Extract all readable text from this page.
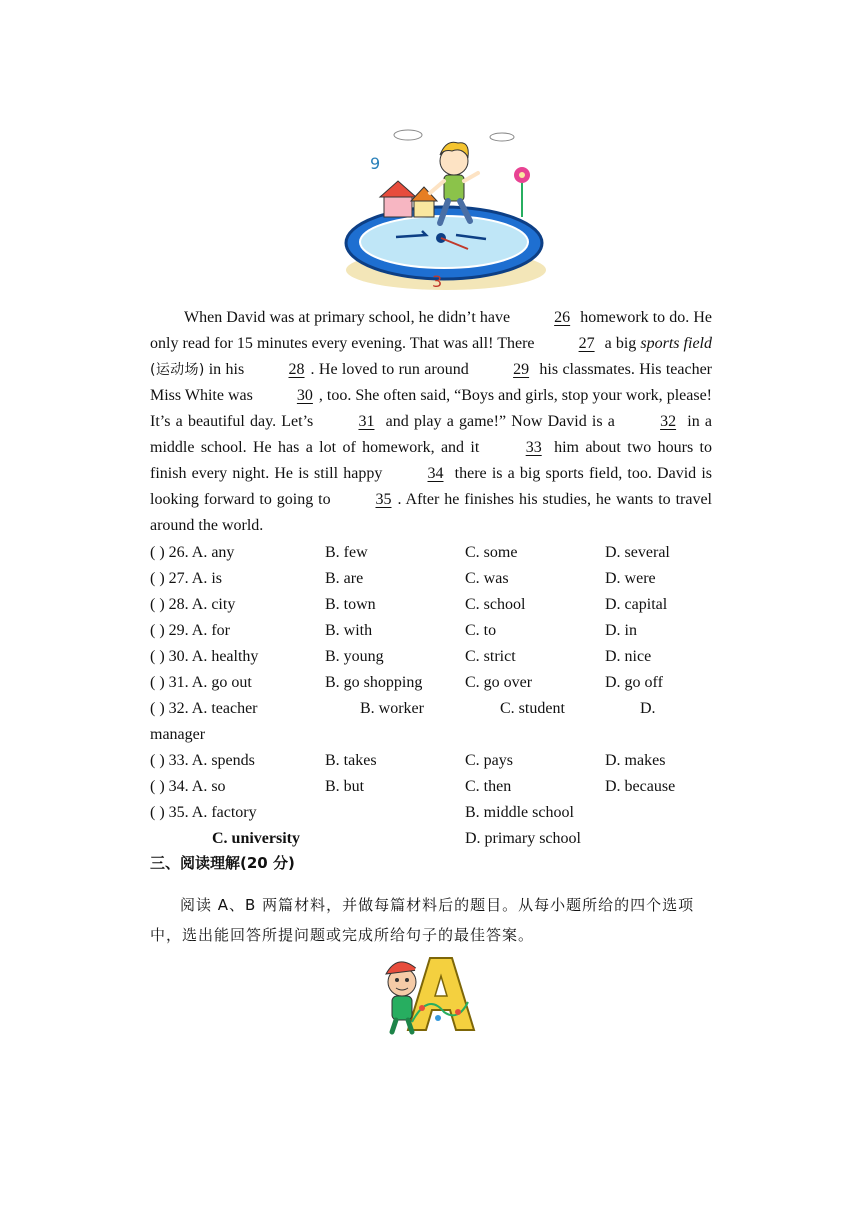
9
3

When David was at primary school, he didn’t have	26 homework to do. He only read for 15 minutes every evening. That was all! There	27 a big sports field (运动场) in his	28 . He loved to run around	29 his classmates. His teacher Miss White was	30 , too. She often said, “Boys and girls, stop your work, please! It’s a beautiful day. Let’s	31 and play a game!” Now David is a	32 in a middle school. He has a lot of homework, and it	33 him about two hours to finish every night. He is still happy	34 there is a big sports field, too. David is looking forward to going to	35 . After he finishes his studies, he wants to travel around the world.

( ) 26. A. any	B. few	C. some	D. several
( ) 27. A. is	B. are	C. was	D. were
( ) 28. A. city	B. town	C. school	D. capital
( ) 29. A. for	B. with	C. to	D. in
( ) 30. A. healthy	B. young	C. strict	D. nice
( ) 31. A. go out	B. go shopping	C. go over	D. go off
( ) 32. A. teacher	B. worker	C. student	D.
manager
( ) 33. A. spends	B. takes	C. pays	D. makes
( ) 34. A. so	B. but	C. then	D. because
( ) 35. A. factory	B. middle school
C. university	D. primary school
三、阅读理解(20 分)

阅读 A、B 两篇材料，并做每篇材料后的题目。从每小题所给的四个选项中，选出能回答所提问题或完成所给句子的最佳答案。
